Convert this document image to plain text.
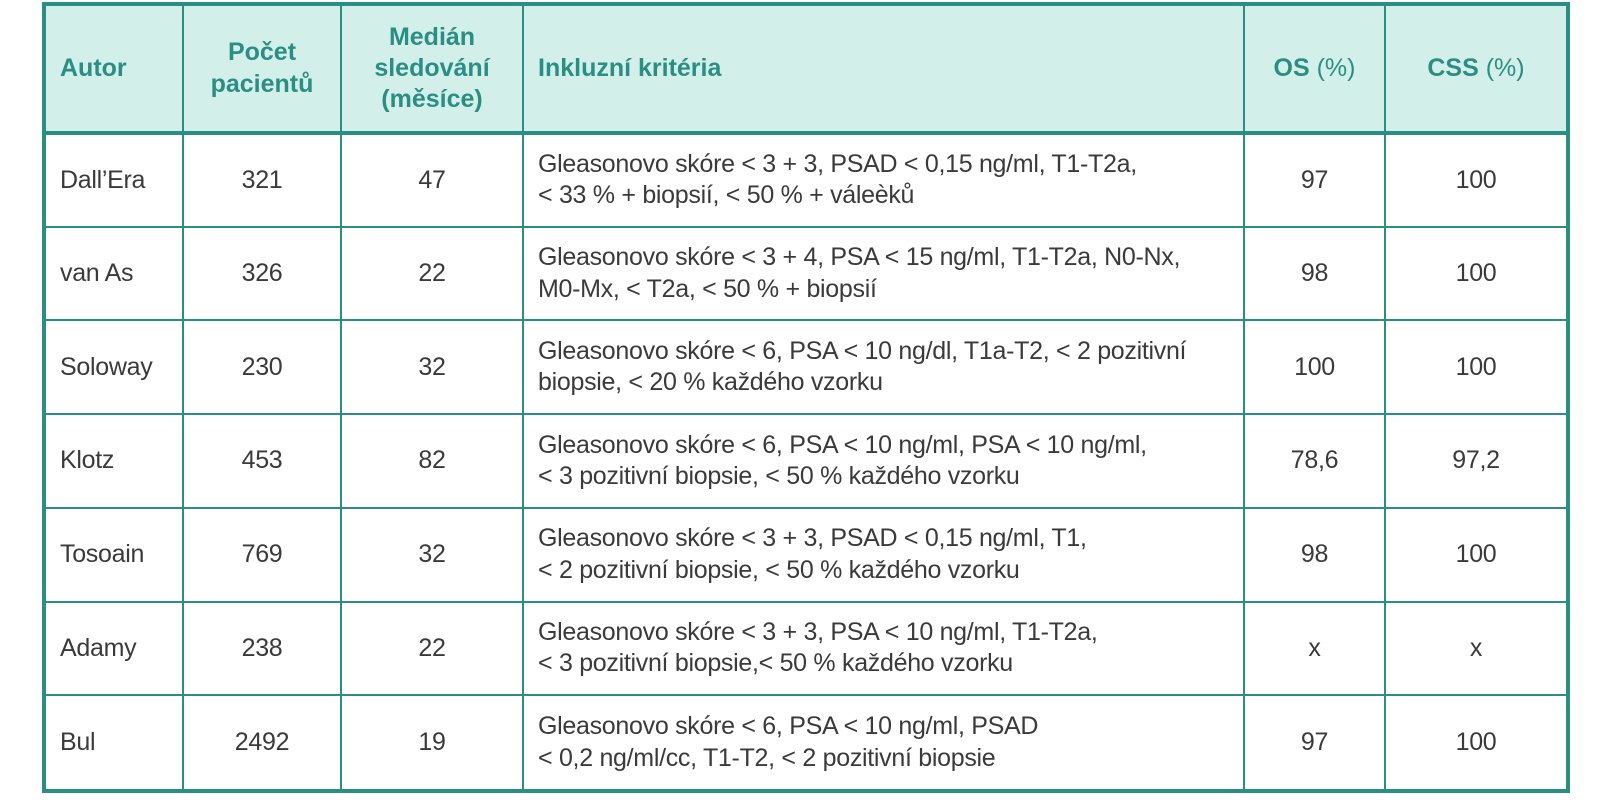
Autor	Počet pacientů	Medián sledování (měsíce)	Inkluzní kritéria	OS (%)	CSS (%)
Dall’Era	321	47	Gleasonovo skóre < 3 + 3, PSAD < 0,15 ng/ml, T1-T2a,
< 33 % + biopsií, < 50 % + váleèků	97	100
van As	326	22	Gleasonovo skóre < 3 + 4, PSA < 15 ng/ml, T1-T2a, N0-Nx,
M0-Mx, < T2a, < 50 % + biopsií	98	100
Soloway	230	32	Gleasonovo skóre < 6, PSA < 10 ng/dl, T1a-T2, < 2 pozitivní
biopsie, < 20 % každého vzorku	100	100
Klotz	453	82	Gleasonovo skóre < 6, PSA < 10 ng/ml, PSA < 10 ng/ml,
< 3 pozitivní biopsie, < 50 % každého vzorku	78,6	97,2
Tosoain	769	32	Gleasonovo skóre < 3 + 3, PSAD < 0,15 ng/ml, T1,
< 2 pozitivní biopsie, < 50 % každého vzorku	98	100
Adamy	238	22	Gleasonovo skóre < 3 + 3, PSA < 10 ng/ml, T1-T2a,
< 3 pozitivní biopsie,< 50 % každého vzorku	x	x
Bul	2492	19	Gleasonovo skóre < 6, PSA < 10 ng/ml, PSAD
< 0,2 ng/ml/cc, T1-T2, < 2 pozitivní biopsie	97	100
